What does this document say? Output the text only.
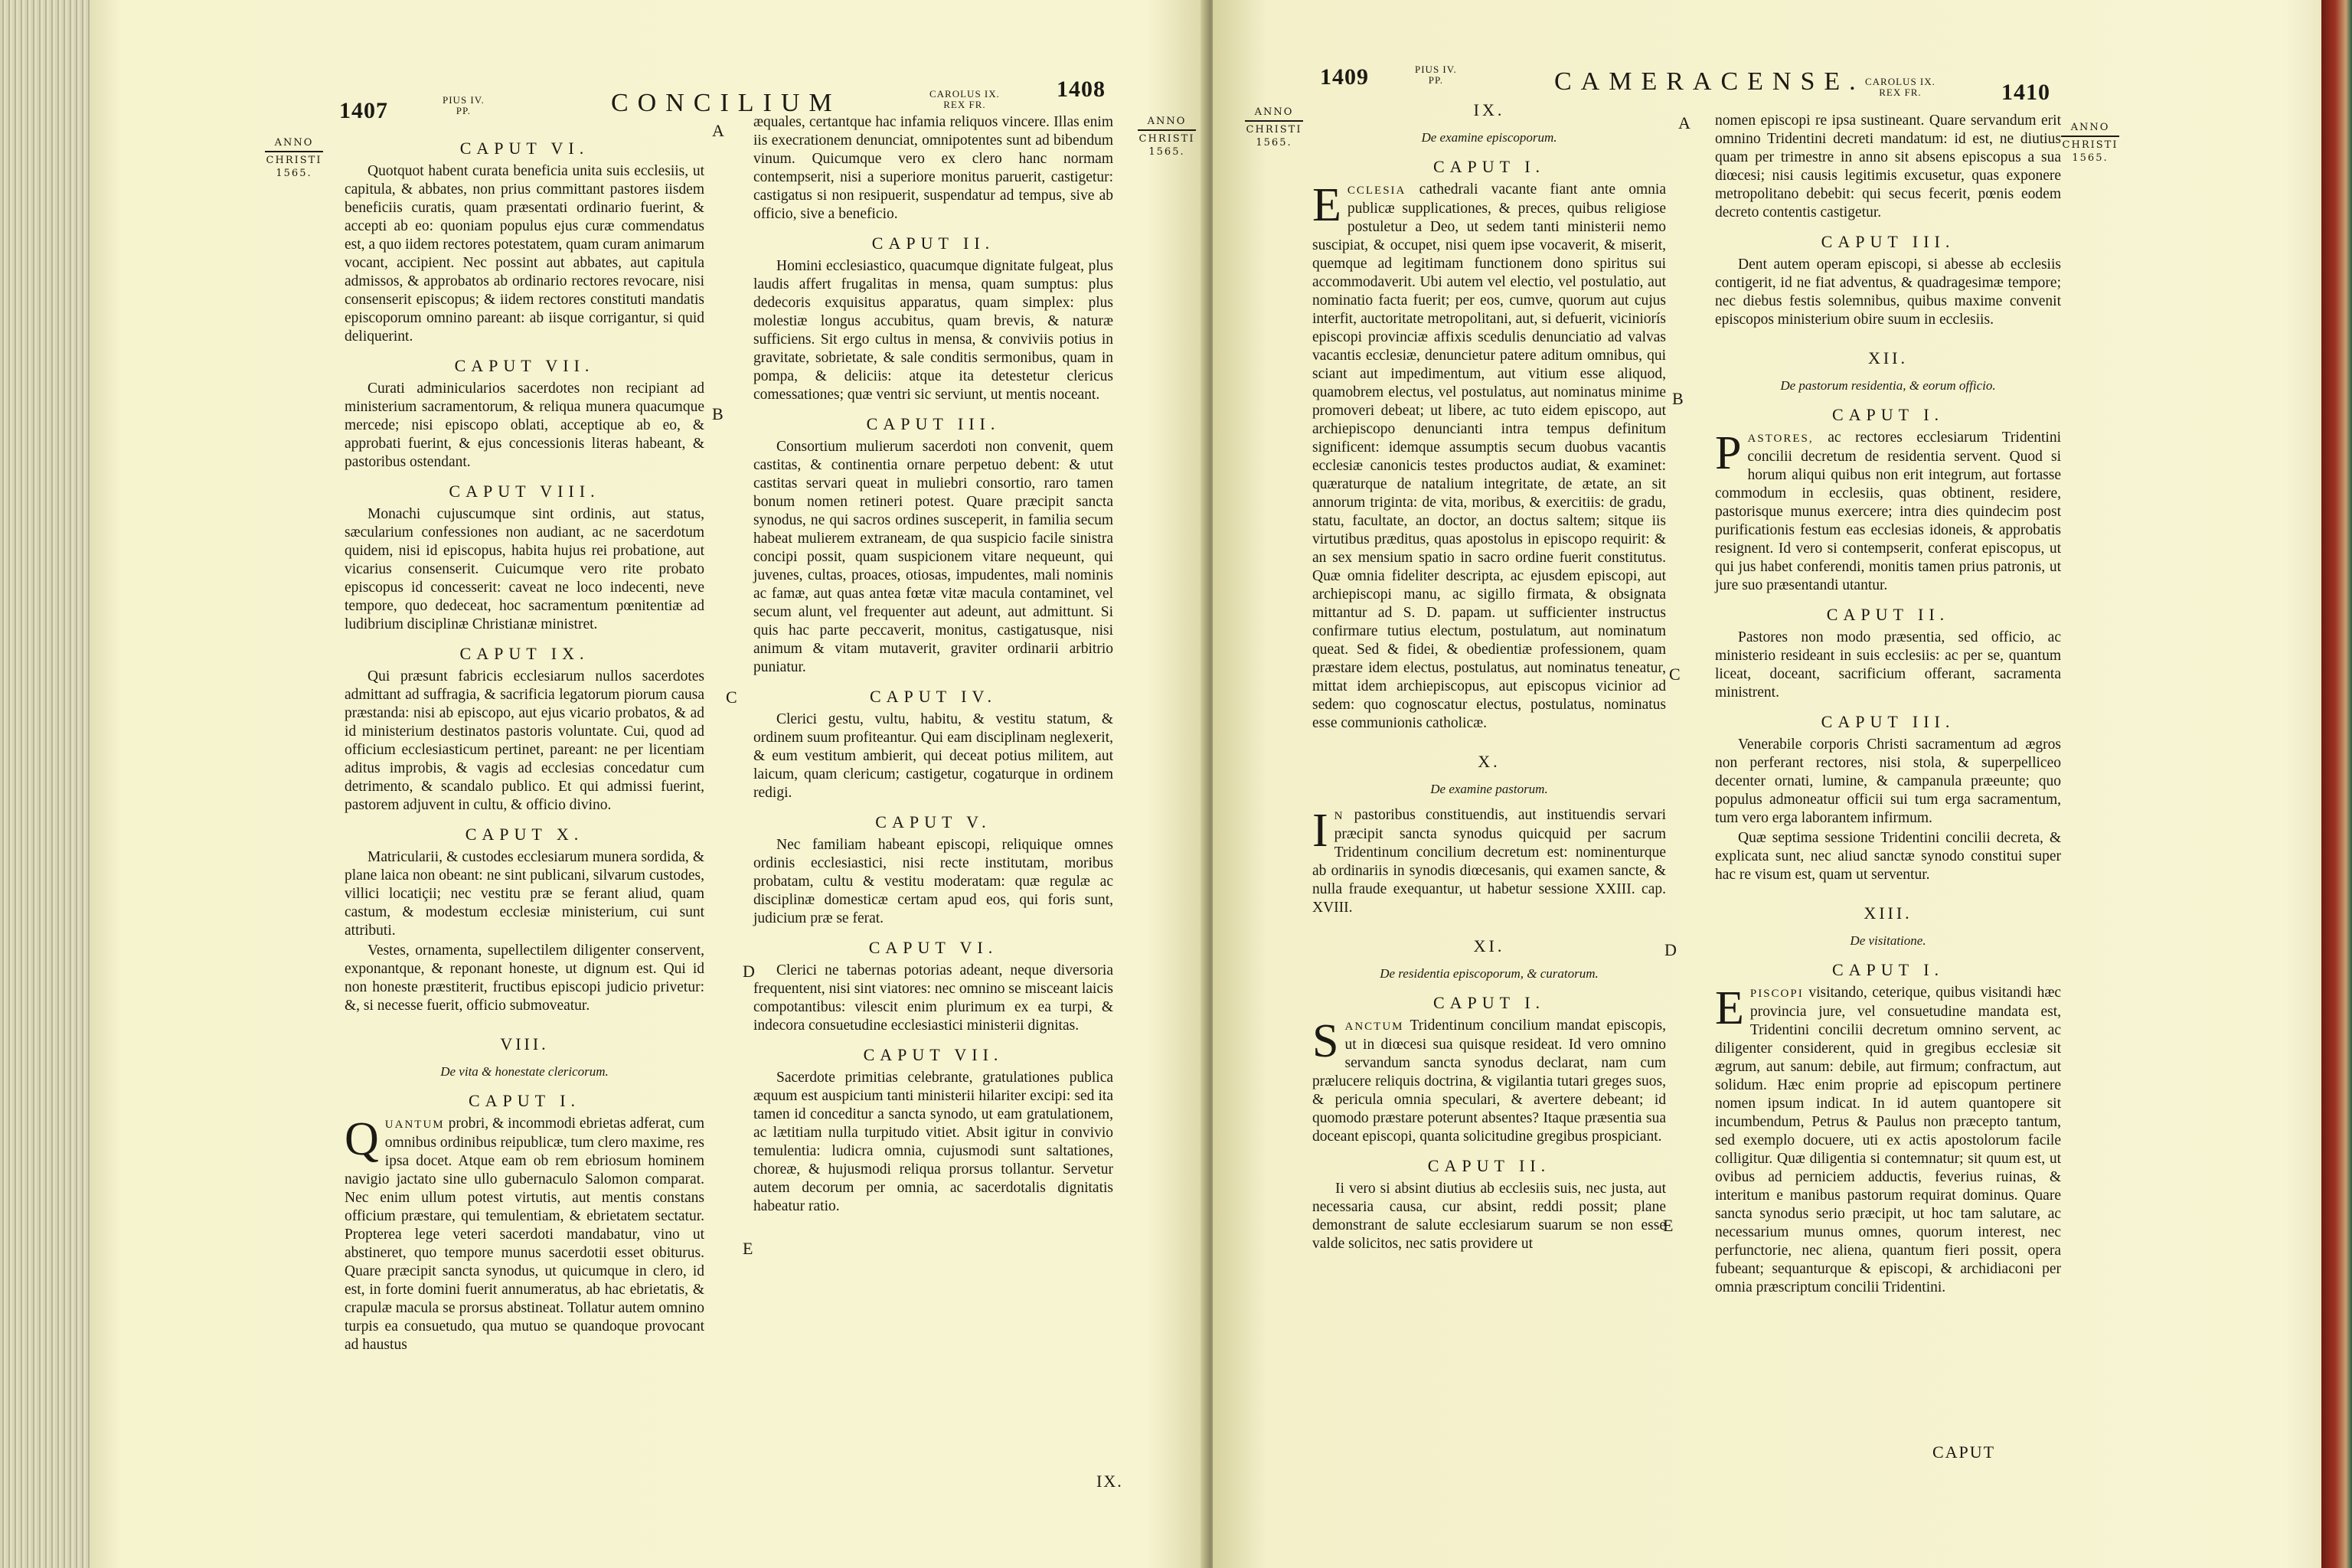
1407	PIUS IV.
PP.	CONCILIUM	CAROLUS IX.
REX FR.
1408
ANNO
CHRISTI
1565.
ANNO
CHRISTI
1565.
A
B
C
D
E
CAPUT VI.

Quotquot habent curata beneficia unita suis ecclesiis, ut capitula, & abbates, non prius committant pastores iisdem beneficiis curatis, quam præsentati ordinario fuerint, & accepti ab eo: quoniam populus ejus curæ commendatus est, a quo iidem rectores potestatem, quam curam animarum vocant, accipient. Nec possint aut abbates, aut capitula admissos, & approbatos ab ordinario rectores revocare, nisi consenserit episcopus; & iidem rectores constituti mandatis episcoporum omnino pareant: ab iisque corrigantur, si quid deliquerint.

CAPUT VII.

Curati adminicularios sacerdotes non recipiant ad ministerium sacramentorum, & reliqua munera quacumque mercede; nisi episcopo oblati, acceptique ab eo, & approbati fuerint, & ejus concessionis literas habeant, & pastoribus ostendant.

CAPUT VIII.

Monachi cujuscumque sint ordinis, aut status, sæcularium confessiones non audiant, ac ne sacerdotum quidem, nisi id episcopus, habita hujus rei probatione, aut vicarius consenserit. Cuicumque vero rite probato episcopus id concesserit: caveat ne loco indecenti, neve tempore, quo dedeceat, hoc sacramentum pœnitentiæ ad ludibrium disciplinæ Christianæ ministret.

CAPUT IX.

Qui præsunt fabricis ecclesiarum nullos sacerdotes admittant ad suffragia, & sacrificia legatorum piorum causa præstanda: nisi ab episcopo, aut ejus vicario probatos, & ad id ministerium destinatos pastoris voluntate. Cui, quod ad officium ecclesiasticum pertinet, pareant: ne per licentiam aditus improbis, & vagis ad ecclesias concedatur cum detrimento, & scandalo publico. Et qui admissi fuerint, pastorem adjuvent in cultu, & officio divino.

CAPUT X.

Matricularii, & custodes ecclesiarum munera sordida, & plane laica non obeant: ne sint publicani, silvarum custodes, villici locatiçii; nec vestitu præ se ferant aliud, quam castum, & modestum ecclesiæ ministerium, cui sunt attributi.

Vestes, ornamenta, supellectilem diligenter conservent, exponantque, & reponant honeste, ut dignum est. Qui id non honeste præstiterit, fructibus episcopi judicio privetur: &, si necesse fuerit, officio submoveatur.

VIII.
De vita & honestate clericorum.
CAPUT I.

QUANTUM probri, & incommodi ebrietas adferat, cum omnibus ordinibus reipublicæ, tum clero maxime, res ipsa docet. Atque eam ob rem ebriosum hominem navigio jactato sine ullo gubernaculo Salomon comparat. Nec enim ullum potest virtutis, aut mentis constans officium præstare, qui temulentiam, & ebrietatem sectatur. Propterea lege veteri sacerdoti mandabatur, vino ut abstineret, quo tempore munus sacerdotii esset obiturus. Quare præcipit sancta synodus, ut quicumque in clero, id est, in forte domini fuerit annumeratus, ab hac ebrietatis, & crapulæ macula se prorsus abstineat. Tollatur autem omnino turpis ea consuetudo, qua mutuo se quandoque provocant ad haustus

æquales, certantque hac infamia reliquos vincere. Illas enim iis execrationem denunciat, omnipotentes sunt ad bibendum vinum. Quicumque vero ex clero hanc normam contempserit, nisi a superiore monitus paruerit, castigetur: castigatus si non resipuerit, suspendatur ad tempus, sive ab officio, sive a beneficio.

CAPUT II.

Homini ecclesiastico, quacumque dignitate fulgeat, plus laudis affert frugalitas in mensa, quam sumptus: plus dedecoris exquisitus apparatus, quam simplex: plus molestiæ longus accubitus, quam brevis, & naturæ sufficiens. Sit ergo cultus in mensa, & conviviis potius in gravitate, sobrietate, & sale conditis sermonibus, quam in pompa, & deliciis: atque ita detestetur clericus comessationes; quæ ventri sic serviunt, ut mentis noceant.

CAPUT III.

Consortium mulierum sacerdoti non convenit, quem castitas, & continentia ornare perpetuo debent: & utut castitas servari queat in muliebri consortio, raro tamen bonum nomen retineri potest. Quare præcipit sancta synodus, ne qui sacros ordines susceperit, in familia secum habeat mulierem extraneam, de qua suspicio facile sinistra concipi possit, quam suspicionem vitare nequeunt, qui juvenes, cultas, proaces, otiosas, impudentes, mali nominis ac famæ, aut quas antea fœtæ vitæ macula contaminet, vel secum alunt, vel frequenter aut adeunt, aut admittunt. Si quis hac parte peccaverit, monitus, castigatusque, nisi animum & vitam mutaverit, graviter ordinarii arbitrio puniatur.

CAPUT IV.

Clerici gestu, vultu, habitu, & vestitu statum, & ordinem suum profiteantur. Qui eam disciplinam neglexerit, & eum vestitum ambierit, qui deceat potius militem, aut laicum, quam clericum; castigetur, cogaturque in ordinem redigi.

CAPUT V.

Nec familiam habeant episcopi, reliquique omnes ordinis ecclesiastici, nisi recte institutam, moribus probatam, cultu & vestitu moderatam: quæ regulæ ac disciplinæ domesticæ certam apud eos, qui foris sunt, judicium præ se ferat.

CAPUT VI.

Clerici ne tabernas potorias adeant, neque diversoria frequentent, nisi sint viatores: nec omnino se misceant laicis compotantibus: vilescit enim plurimum ex ea turpi, & indecora consuetudine ecclesiastici ministerii dignitas.

CAPUT VII.

Sacerdote primitias celebrante, gratulationes publica æquum est auspicium tanti ministerii hilariter excipi: sed ita tamen id conceditur a sancta synodo, ut eam gratulationem, ac lætitiam nulla turpitudo vitiet. Absit igitur in convivio temulentia: ludicra omnia, cujusmodi sunt saltationes, choreæ, & hujusmodi reliqua prorsus tollantur. Servetur autem decorum per omnia, ac sacerdotalis dignitatis habeatur ratio.

IX.
1409	PIUS IV.
PP.	CAMERACENSE. CAROLUS IX.
REX FR.	1410
ANNO
CHRISTI
1565.
ANNO
CHRISTI
1565.
A
B
C
D
E
IX.
De examine episcoporum.
CAPUT I.

ECCLESIA cathedrali vacante fiant ante omnia publicæ supplicationes, & preces, quibus religiose postuletur a Deo, ut sedem tanti ministerii nemo suscipiat, & occupet, nisi quem ipse vocaverit, & miserit, quemque ad legitimam functionem dono spiritus sui accommodaverit. Ubi autem vel electio, vel postulatio, aut nominatio facta fuerit; per eos, cumve, quorum aut cujus interfit, auctoritate metropolitani, aut, si defuerit, viciniorís episcopi provinciæ affixis scedulis denunciatio ad valvas vacantis ecclesiæ, denuncietur patere aditum omnibus, qui sciant aut impedimentum, aut vitium esse aliquod, quamobrem electus, vel postulatus, aut nominatus minime promoveri debeat; ut libere, ac tuto eidem episcopo, aut archiepiscopo denuncianti intra tempus definitum significent: idemque assumptis secum duobus vacantis ecclesiæ canonicis testes productos audiat, & examinet: quæraturque de natalium integritate, de ætate, an sit annorum triginta: de vita, moribus, & exercitiis: de gradu, statu, facultate, an doctor, an doctus saltem; sitque iis virtutibus præditus, quas apostolus in episcopo requirit: & an sex mensium spatio in sacro ordine fuerit constitutus. Quæ omnia fideliter descripta, ac ejusdem episcopi, aut archiepiscopi manu, ac sigillo firmata, & obsignata mittantur ad S. D. papam. ut sufficienter instructus confirmare tutius electum, postulatum, aut nominatum queat. Sed & fidei, & obedientiæ professionem, quam præstare idem electus, postulatus, aut nominatus teneatur, mittat idem archiepiscopus, aut episcopus vicinior ad sedem: quo cognoscatur electus, postulatus, nominatus esse communionis catholicæ.

X.
De examine pastorum.

I N pastoribus constituendis, aut instituendis servari præcipit sancta synodus quicquid per sacrum Tridentinum concilium decretum est: nominenturque ab ordinariis in synodis diœcesanis, qui examen sancte, & nulla fraude exequantur, ut habetur sessione XXIII. cap. XVIII.

XI.
De residentia episcoporum, & curatorum.
CAPUT I.

SANCTUM Tridentinum concilium mandat episcopis, ut in diœcesi sua quisque resideat. Id vero omnino servandum sancta synodus declarat, nam cum prælucere reliquis doctrina, & vigilantia tutari greges suos, & pericula omnia speculari, & avertere debeant; id quomodo præstare poterunt absentes? Itaque præsentia sua doceant episcopi, quanta solicitudine gregibus prospiciant.

CAPUT II.

Ii vero si absint diutius ab ecclesiis suis, nec justa, aut necessaria causa, cur absint, reddi possit; plane demonstrant de salute ecclesiarum suarum se non esse valde solicitos, nec satis providere ut

nomen episcopi re ipsa sustineant. Quare servandum erit omnino Tridentini decreti mandatum: id est, ne diutius quam per trimestre in anno sit absens episcopus a sua diœcesi; nisi causis legitimis excusetur, quas exponere metropolitano debebit: qui secus fecerit, pœnis eodem decreto contentis castigetur.

CAPUT III.

Dent autem operam episcopi, si abesse ab ecclesiis contigerit, id ne fiat adventus, & quadragesimæ tempore; nec diebus festis solemnibus, quibus maxime convenit episcopos ministerium obire suum in ecclesiis.

XII.
De pastorum residentia, & eorum officio.
CAPUT I.

PASTORES, ac rectores ecclesiarum Tridentini concilii decretum de residentia servent. Quod si horum aliqui quibus non erit integrum, aut fortasse commodum in ecclesiis, quas obtinent, residere, pastorisque munus exercere; intra dies quindecim post purificationis festum eas ecclesias idoneis, & approbatis resignent. Id vero si contempserit, conferat episcopus, ut qui jus habet conferendi, monitis tamen prius patronis, ut jure suo præsentandi utantur.

CAPUT II.

Pastores non modo præsentia, sed officio, ac ministerio resideant in suis ecclesiis: ac per se, quantum liceat, doceant, sacrificium offerant, sacramenta ministrent.

CAPUT III.

Venerabile corporis Christi sacramentum ad ægros non perferant rectores, nisi stola, & superpelliceo decenter ornati, lumine, & campanula præeunte; quo populus admoneatur officii sui tum erga sacramentum, tum vero erga laborantem infirmum.

Quæ septima sessione Tridentini concilii decreta, & explicata sunt, nec aliud sanctæ synodo constitui super hac re visum est, quam ut serventur.

XIII.
De visitatione.
CAPUT I.

EPISCOPI visitando, ceterique, quibus visitandi hæc provincia jure, vel consuetudine mandata est, Tridentini concilii decretum omnino servent, ac diligenter considerent, quid in gregibus ecclesiæ sit ægrum, aut sanum: debile, aut firmum; confractum, aut solidum. Hæc enim proprie ad episcopum pertinere nomen ipsum indicat. In id autem quantopere sit incumbendum, Petrus & Paulus non præcepto tantum, sed exemplo docuere, uti ex actis apostolorum facile colligitur. Quæ diligentia si contemnatur; sit quum est, ut ovibus ad perniciem adductis, feverius ruinas, & interitum e manibus pastorum requirat dominus. Quare sancta synodus serio præcipit, ut hoc tam salutare, ac necessarium munus omnes, quorum interest, nec perfunctorie, nec aliena, quantum fieri possit, opera fubeant; sequanturque & episcopi, & archidiaconi per omnia præscriptum concilii Tridentini.

CAPUT
